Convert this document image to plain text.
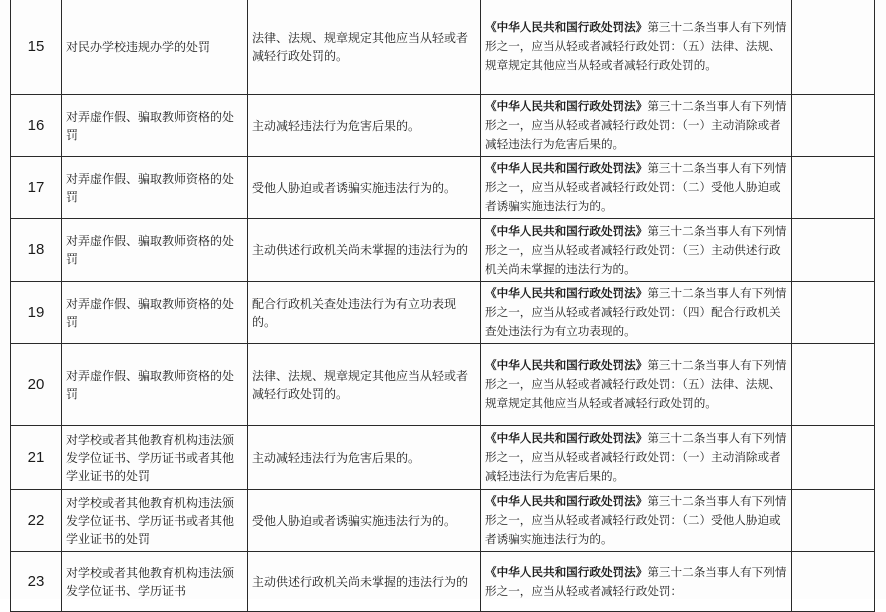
15	对民办学校违规办学的处罚	法律、法规、规章规定其他应当从轻或者减轻行政处罚的。	《中华人民共和国行政处罚法》第三十二条当事人有下列情形之一，应当从轻或者减轻行政处罚：（五）法律、法规、规章规定其他应当从轻或者减轻行政处罚的。	
16	对弄虚作假、骗取教师资格的处罚	主动减轻违法行为危害后果的。	《中华人民共和国行政处罚法》第三十二条当事人有下列情形之一，应当从轻或者减轻行政处罚：（一）主动消除或者减轻违法行为危害后果的。	
17	对弄虚作假、骗取教师资格的处罚	受他人胁迫或者诱骗实施违法行为的。	《中华人民共和国行政处罚法》第三十二条当事人有下列情形之一，应当从轻或者减轻行政处罚：（二）受他人胁迫或者诱骗实施违法行为的。	
18	对弄虚作假、骗取教师资格的处罚	主动供述行政机关尚未掌握的违法行为的	《中华人民共和国行政处罚法》第三十二条当事人有下列情形之一，应当从轻或者减轻行政处罚：（三）主动供述行政机关尚未掌握的违法行为的。	
19	对弄虚作假、骗取教师资格的处罚	配合行政机关查处违法行为有立功表现的。	《中华人民共和国行政处罚法》第三十二条当事人有下列情形之一，应当从轻或者减轻行政处罚：（四）配合行政机关查处违法行为有立功表现的。	
20	对弄虚作假、骗取教师资格的处罚	法律、法规、规章规定其他应当从轻或者减轻行政处罚的。	《中华人民共和国行政处罚法》第三十二条当事人有下列情形之一，应当从轻或者减轻行政处罚：（五）法律、法规、规章规定其他应当从轻或者减轻行政处罚的。	
21	对学校或者其他教育机构违法颁发学位证书、学历证书或者其他学业证书的处罚	主动减轻违法行为危害后果的。	《中华人民共和国行政处罚法》第三十二条当事人有下列情形之一，应当从轻或者减轻行政处罚：（一）主动消除或者减轻违法行为危害后果的。	
22	对学校或者其他教育机构违法颁发学位证书、学历证书或者其他学业证书的处罚	受他人胁迫或者诱骗实施违法行为的。	《中华人民共和国行政处罚法》第三十二条当事人有下列情形之一，应当从轻或者减轻行政处罚：（二）受他人胁迫或者诱骗实施违法行为的。	
23	对学校或者其他教育机构违法颁发学位证书、学历证书	主动供述行政机关尚未掌握的违法行为的	《中华人民共和国行政处罚法》第三十二条当事人有下列情形之一，应当从轻或者减轻行政处罚：	
